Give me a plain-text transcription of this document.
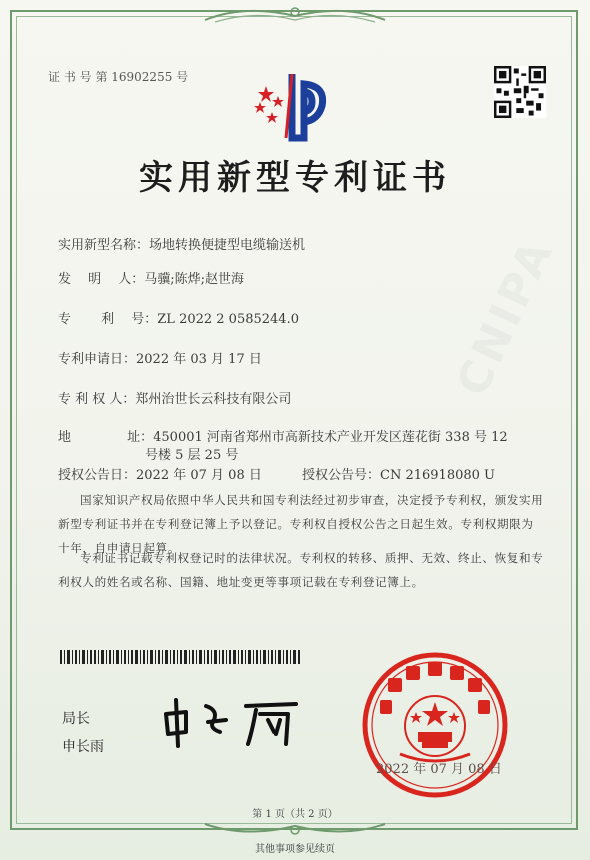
CNIPA
证 书 号 第 16902255 号
实用新型专利证书
实用新型名称：场地转换便捷型电缆输送机
发　 明　 人：马骥;陈烨;赵世海
专　　 利　 号：ZL 2022 2 0585244.0
专利申请日：2022 年 03 月 17 日
专 利 权 人：郑州治世长云科技有限公司
地　　　　 址：450001 河南省郑州市高新技术产业开发区莲花街 338 号 12
号楼 5 层 25 号
授权公告日：2022 年 07 月 08 日	授权公告号：CN 216918080 U
国家知识产权局依照中华人民共和国专利法经过初步审查，决定授予专利权，颁发实用新型专利证书并在专利登记簿上予以登记。专利权自授权公告之日起生效。专利权期限为十年，自申请日起算。
专利证书记载专利权登记时的法律状况。专利权的转移、质押、无效、终止、恢复和专利权人的姓名或名称、国籍、地址变更等事项记载在专利登记簿上。
局长
申长雨
2022 年 07 月 08 日
第 1 页（共 2 页）
其他事项参见续页
